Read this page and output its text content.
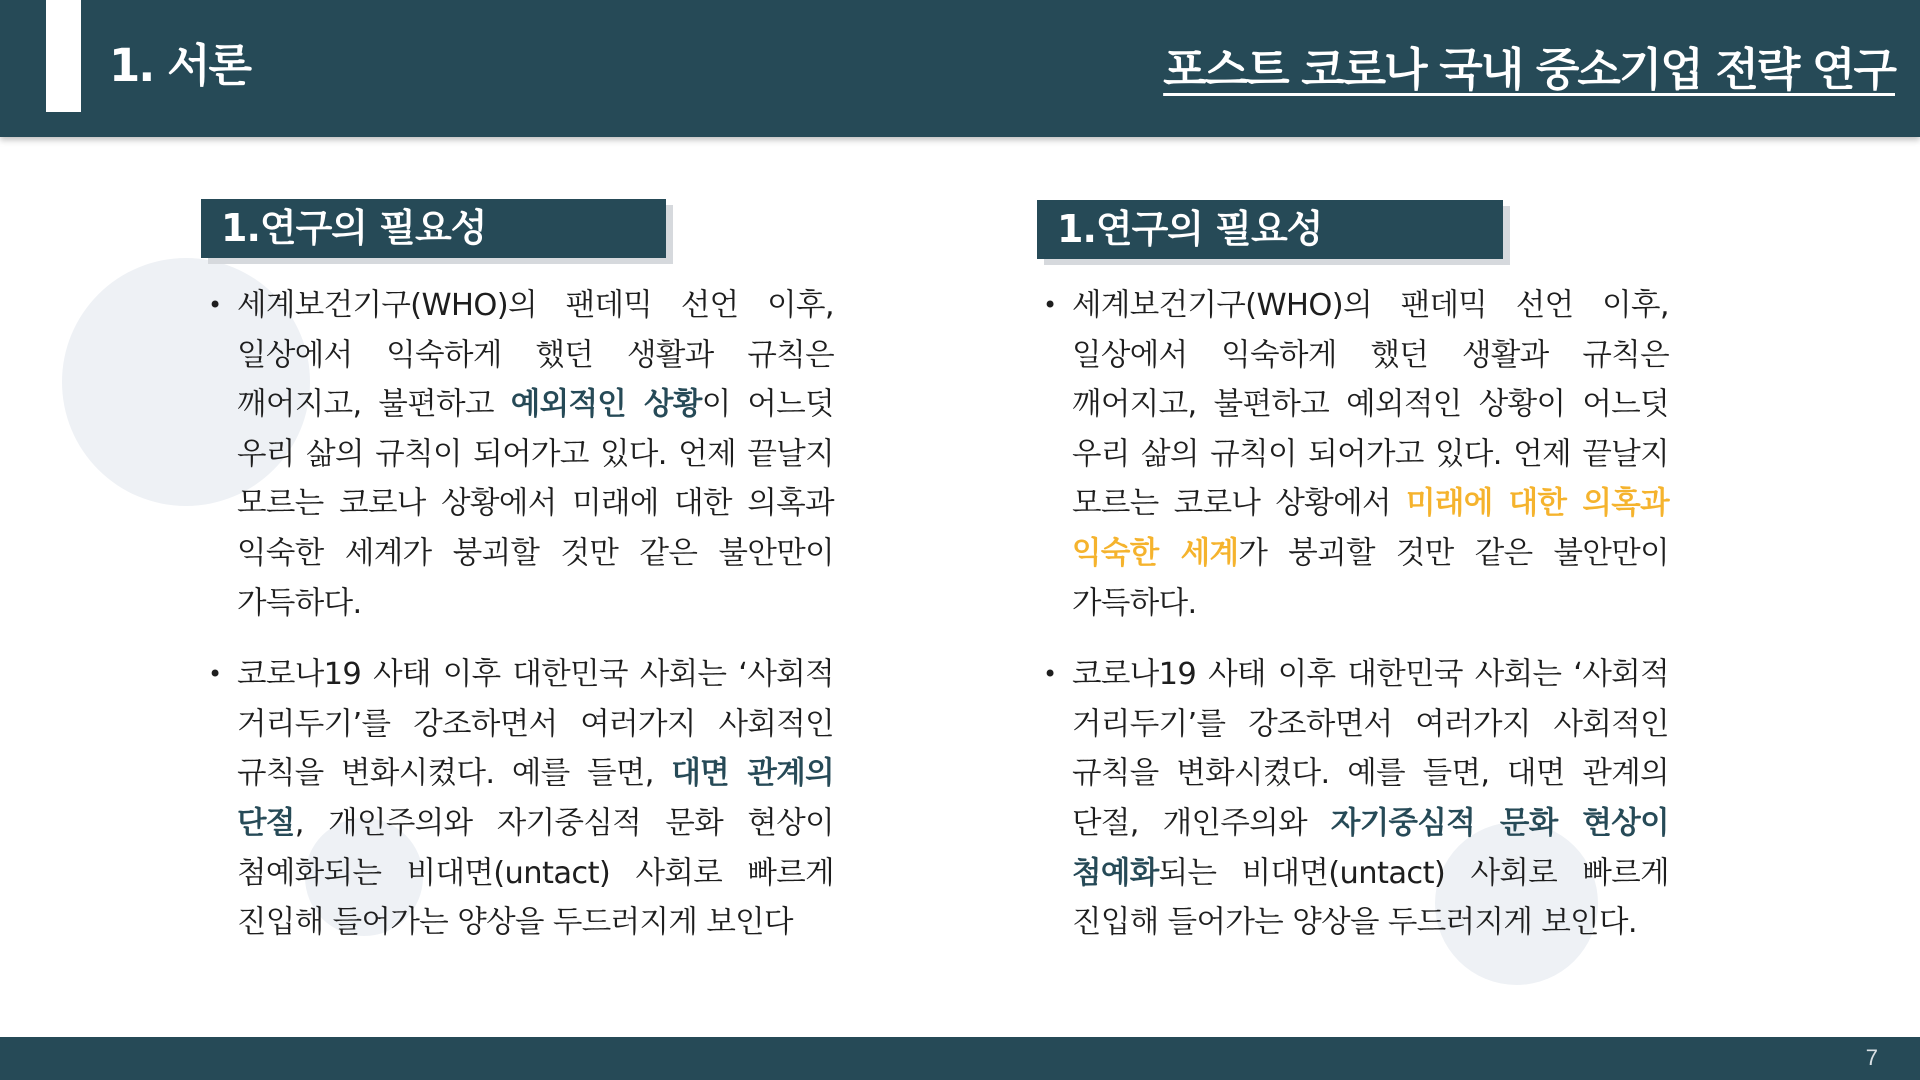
1. 서론	포스트 코로나 국내 중소기업 전략 연구
1.연구의 필요성
• 세계보건기구(WHO)의 팬데믹 선언 이후, 일상에서 익숙하게 했던 생활과 규칙은 깨어지고, 불편하고 예외적인 상황이 어느덧 우리 삶의 규칙이 되어가고 있다. 언제 끝날지 모르는 코로나 상황에서 미래에 대한 의혹과 익숙한 세계가 붕괴할 것만 같은 불안만이 가득하다.
• 코로나19 사태 이후 대한민국 사회는 ‘사회적 거리두기’를 강조하면서 여러가지 사회적인 규칙을 변화시켰다. 예를 들면, 대면 관계의 단절, 개인주의와 자기중심적 문화 현상이 첨예화되는 비대면(untact) 사회로 빠르게 진입해 들어가는 양상을 두드러지게 보인다
1.연구의 필요성
• 세계보건기구(WHO)의 팬데믹 선언 이후, 일상에서 익숙하게 했던 생활과 규칙은 깨어지고, 불편하고 예외적인 상황이 어느덧 우리 삶의 규칙이 되어가고 있다. 언제 끝날지 모르는 코로나 상황에서 미래에 대한 의혹과 익숙한 세계가 붕괴할 것만 같은 불안만이 가득하다.
• 코로나19 사태 이후 대한민국 사회는 ‘사회적 거리두기’를 강조하면서 여러가지 사회적인 규칙을 변화시켰다. 예를 들면, 대면 관계의 단절, 개인주의와 자기중심적 문화 현상이 첨예화되는 비대면(untact) 사회로 빠르게 진입해 들어가는 양상을 두드러지게 보인다.
7
